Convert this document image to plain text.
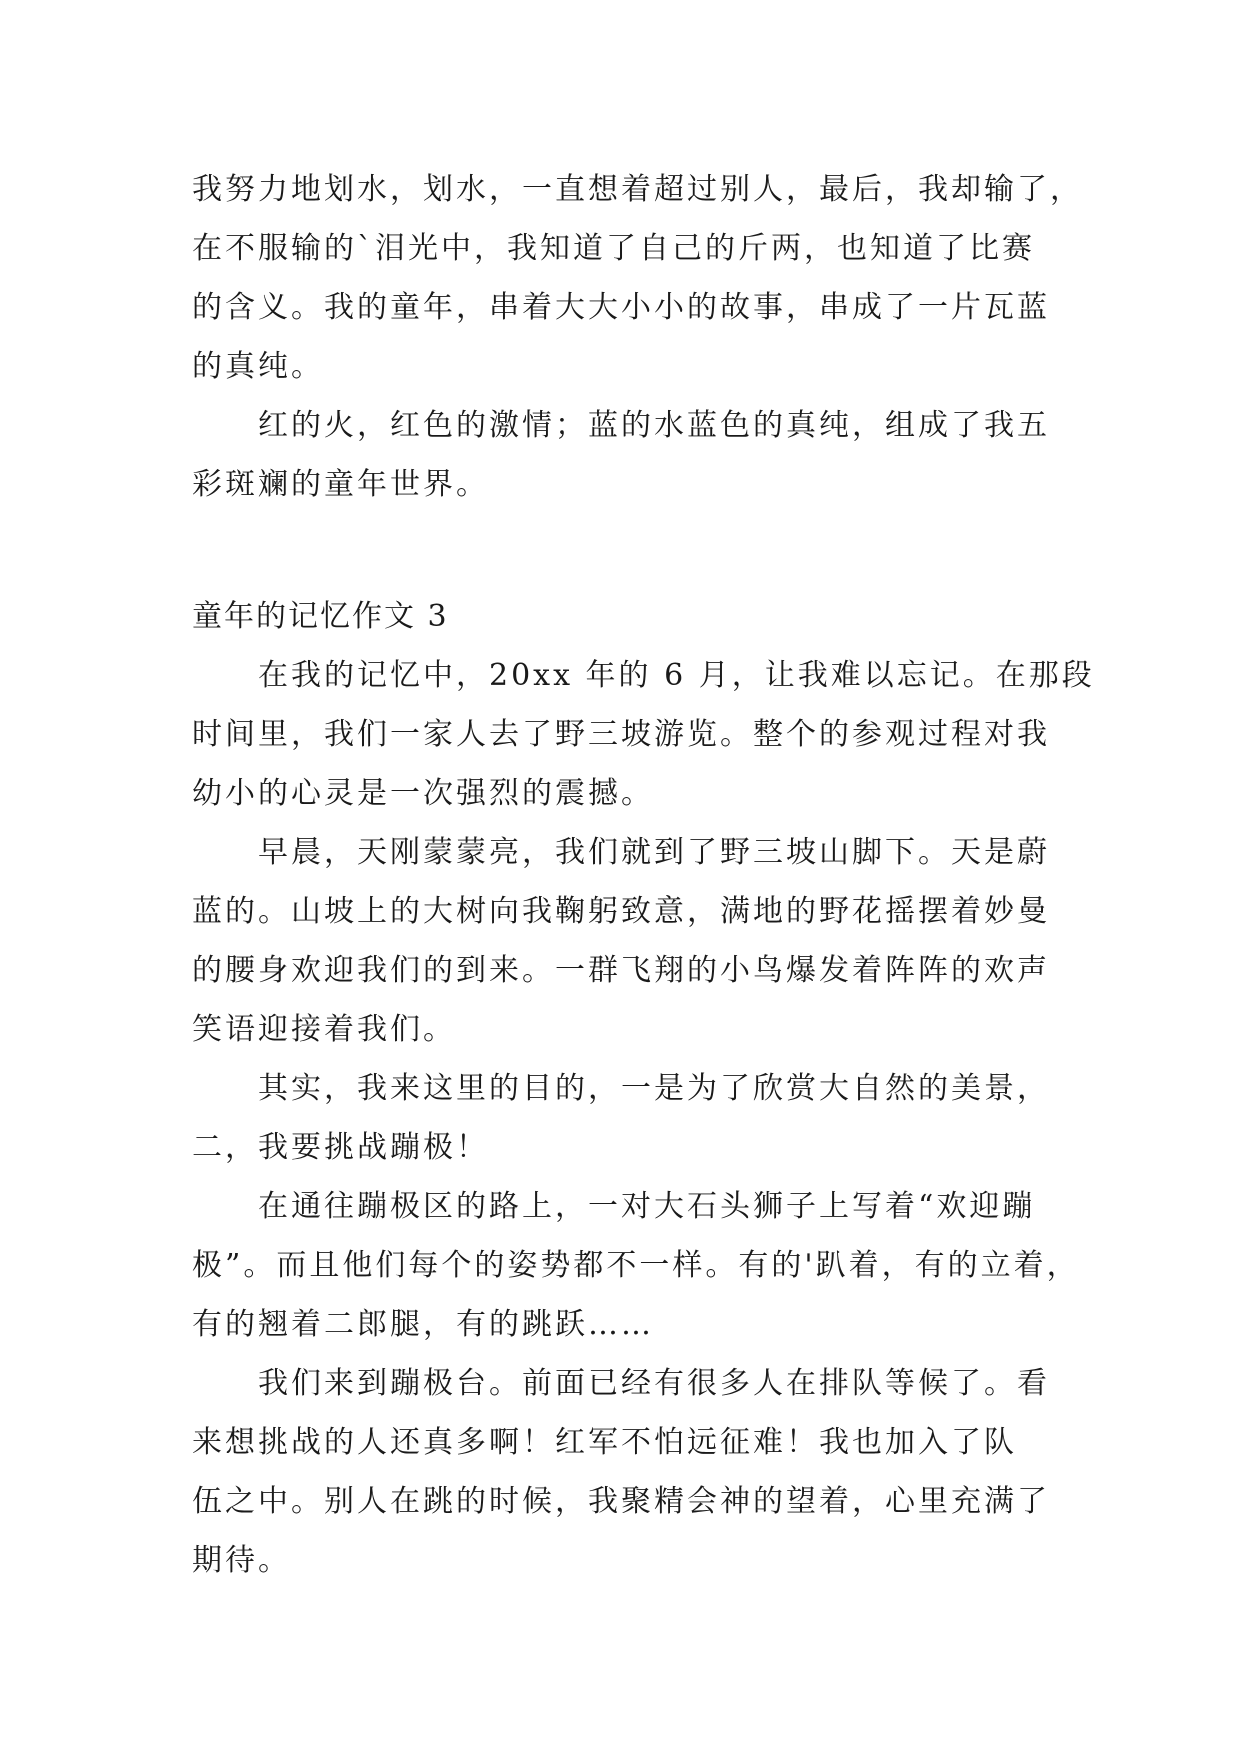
我努力地划水，划水，一直想着超过别人，最后，我却输了，
在不服输的`泪光中，我知道了自己的斤两，也知道了比赛
的含义。我的童年，串着大大小小的故事，串成了一片瓦蓝
的真纯。
红的火，红色的激情；蓝的水蓝色的真纯，组成了我五
彩斑斓的童年世界。
童年的记忆作文 3
在我的记忆中，20xx 年的 6 月，让我难以忘记。在那段
时间里，我们一家人去了野三坡游览。整个的参观过程对我
幼小的心灵是一次强烈的震撼。
早晨，天刚蒙蒙亮，我们就到了野三坡山脚下。天是蔚
蓝的。山坡上的大树向我鞠躬致意，满地的野花摇摆着妙曼
的腰身欢迎我们的到来。一群飞翔的小鸟爆发着阵阵的欢声
笑语迎接着我们。
其实，我来这里的目的，一是为了欣赏大自然的美景，
二，我要挑战蹦极！
在通往蹦极区的路上，一对大石头狮子上写着“欢迎蹦
极”。而且他们每个的姿势都不一样。有的'趴着，有的立着，
有的翘着二郎腿，有的跳跃……
我们来到蹦极台。前面已经有很多人在排队等候了。看
来想挑战的人还真多啊！红军不怕远征难！我也加入了队
伍之中。别人在跳的时候，我聚精会神的望着，心里充满了
期待。
